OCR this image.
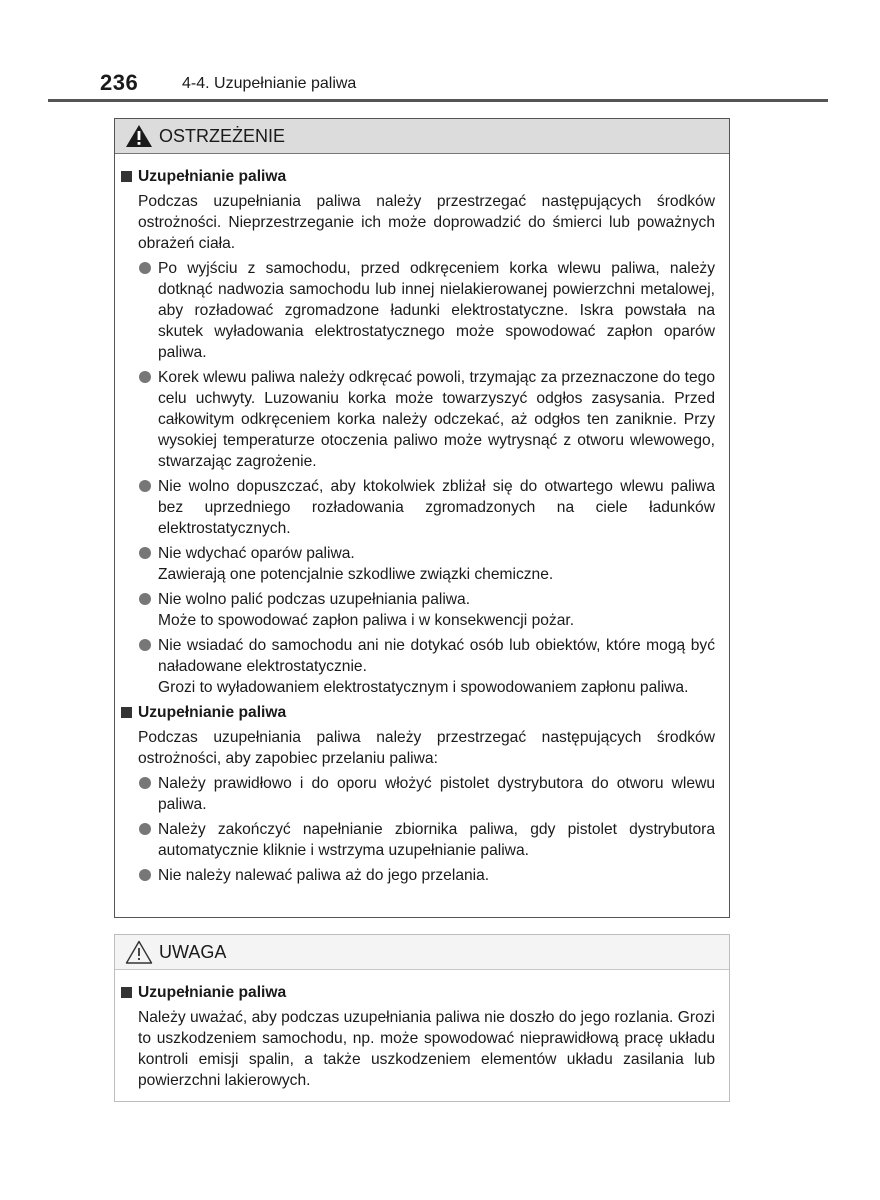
236	4-4. Uzupełnianie paliwa
OSTRZEŻENIE
Uzupełnianie paliwa

Podczas uzupełniania paliwa należy przestrzegać następujących środków ostrożności. Nieprzestrzeganie ich może doprowadzić do śmierci lub poważnych obrażeń ciała.

Po wyjściu z samochodu, przed odkręceniem korka wlewu paliwa, należy dotknąć nadwozia samochodu lub innej nielakierowanej powierzchni metalowej, aby rozładować zgromadzone ładunki elektrostatyczne. Iskra powstała na skutek wyładowania elektrostatycznego może spowodować zapłon oparów paliwa.
Korek wlewu paliwa należy odkręcać powoli, trzymając za przeznaczone do tego celu uchwyty. Luzowaniu korka może towarzyszyć odgłos zasysania. Przed całkowitym odkręceniem korka należy odczekać, aż odgłos ten zaniknie. Przy wysokiej temperaturze otoczenia paliwo może wytrysnąć z otworu wlewowego, stwarzając zagrożenie.
Nie wolno dopuszczać, aby ktokolwiek zbliżał się do otwartego wlewu paliwa bez uprzedniego rozładowania zgromadzonych na ciele ładunków elektrostatycznych.
Nie wdychać oparów paliwa.
Zawierają one potencjalnie szkodliwe związki chemiczne.
Nie wolno palić podczas uzupełniania paliwa.
Może to spowodować zapłon paliwa i w konsekwencji pożar.
Nie wsiadać do samochodu ani nie dotykać osób lub obiektów, które mogą być naładowane elektrostatycznie.
Grozi to wyładowaniem elektrostatycznym i spowodowaniem zapłonu paliwa.
Uzupełnianie paliwa

Podczas uzupełniania paliwa należy przestrzegać następujących środków ostrożności, aby zapobiec przelaniu paliwa:

Należy prawidłowo i do oporu włożyć pistolet dystrybutora do otworu wlewu paliwa.
Należy zakończyć napełnianie zbiornika paliwa, gdy pistolet dystrybutora automatycznie kliknie i wstrzyma uzupełnianie paliwa.
Nie należy nalewać paliwa aż do jego przelania.
UWAGA
Uzupełnianie paliwa

Należy uważać, aby podczas uzupełniania paliwa nie doszło do jego rozlania. Grozi to uszkodzeniem samochodu, np. może spowodować nieprawidłową pracę układu kontroli emisji spalin, a także uszkodzeniem elementów układu zasilania lub powierzchni lakierowych.
